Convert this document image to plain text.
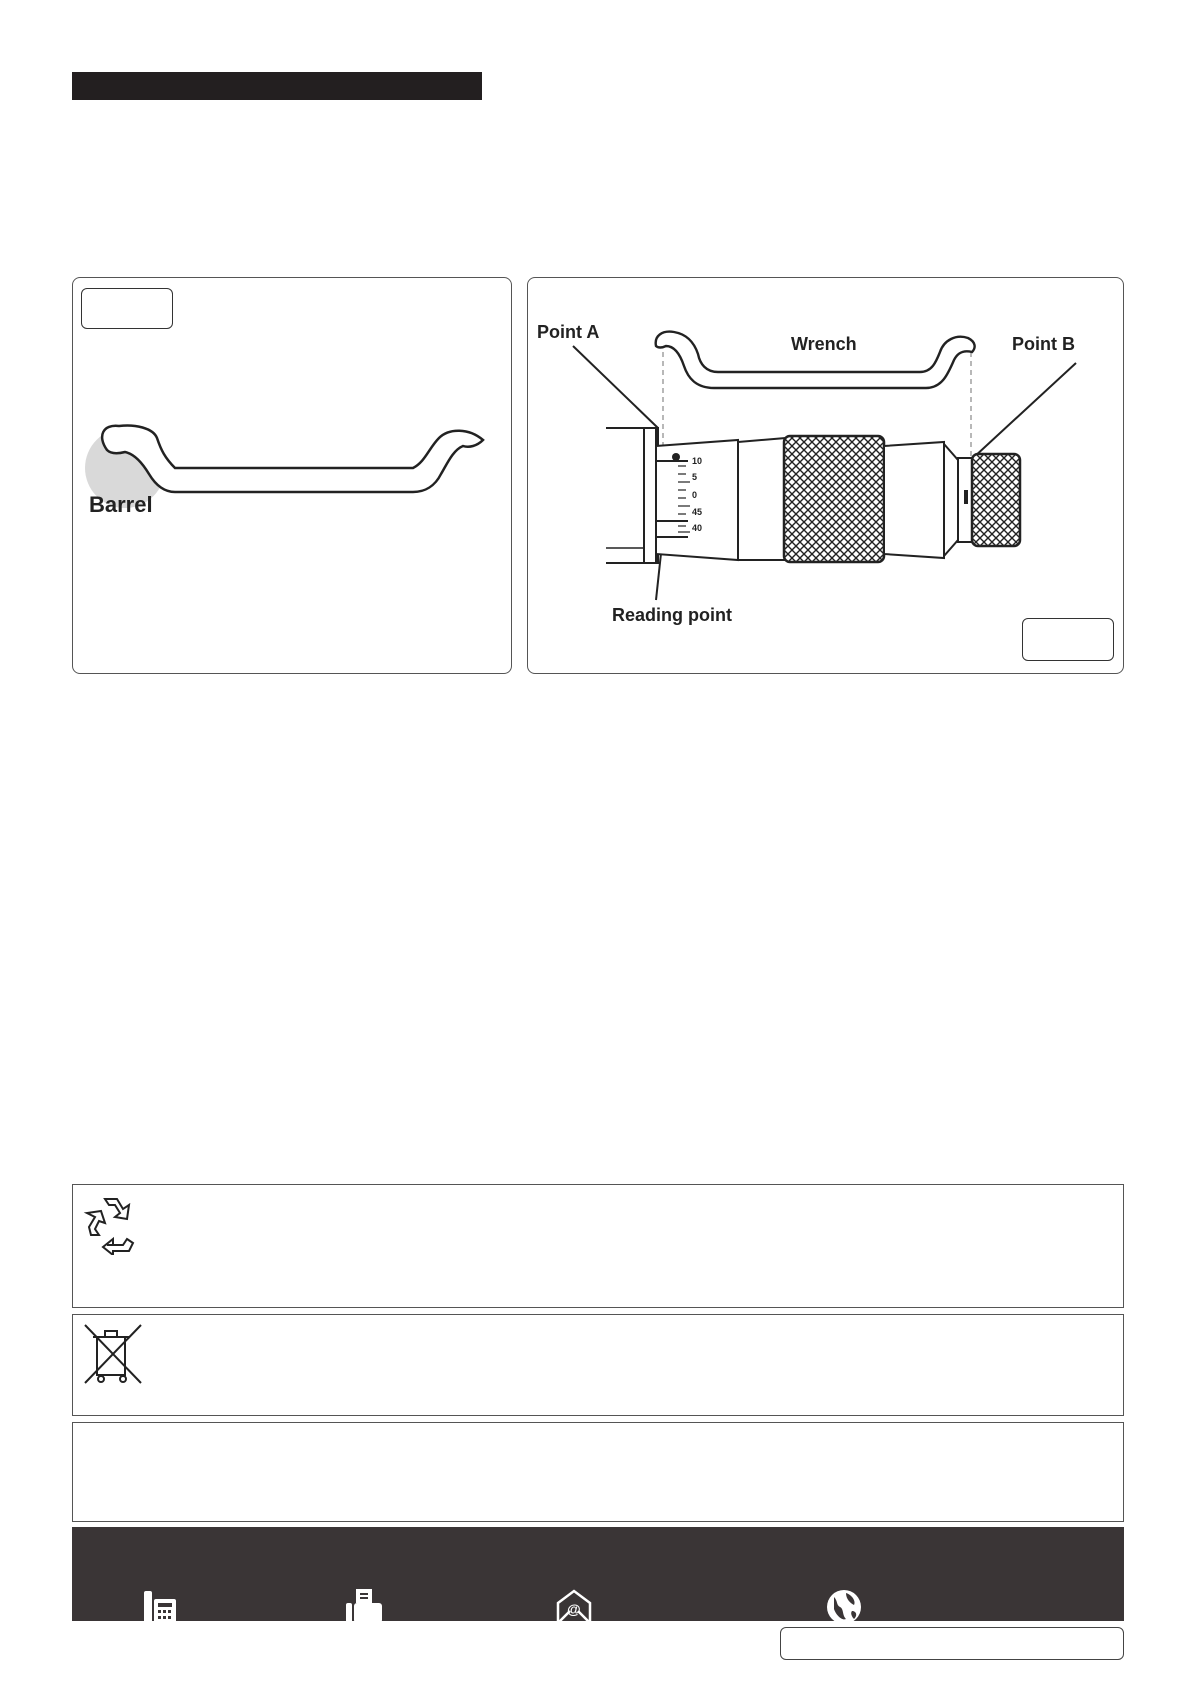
Barrel
Point A
Point B
Wrench
Reading point
10
5
0
45
40
@
